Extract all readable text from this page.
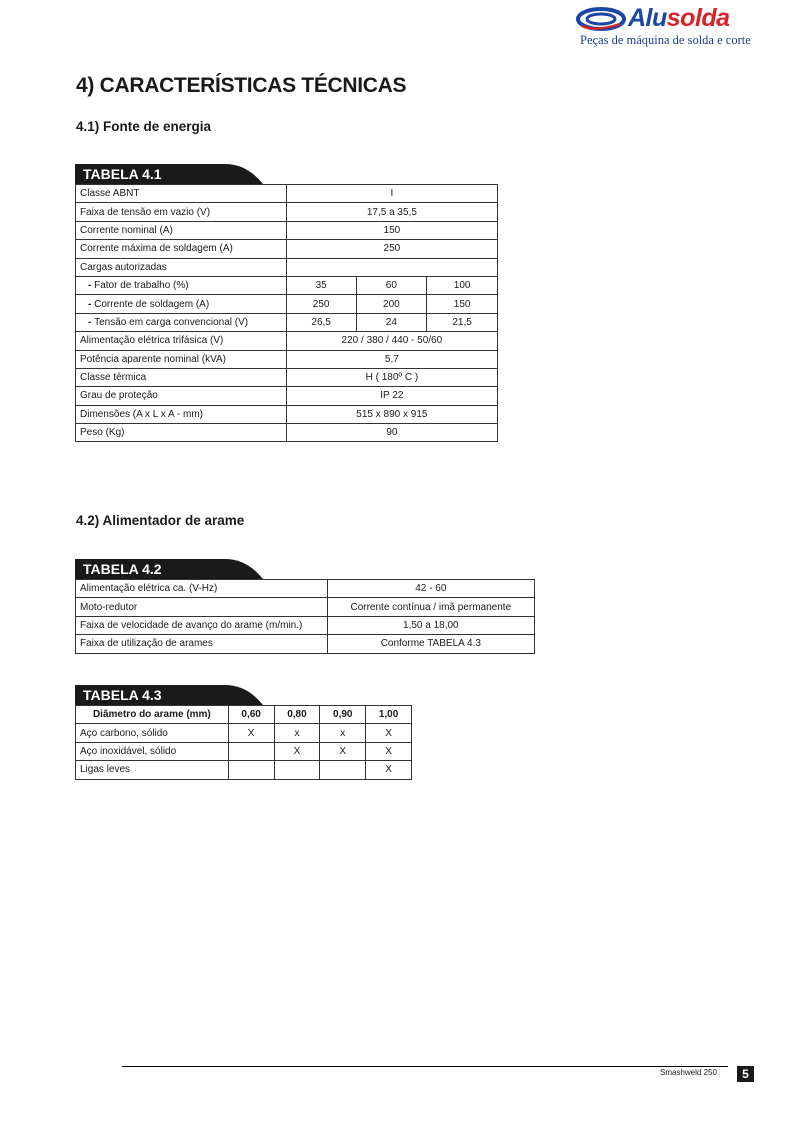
Alusolda
Peças de máquina de solda e corte
4) CARACTERÍSTICAS TÉCNICAS
4.1) Fonte de energia
TABELA 4.1
Classe ABNT	I		
Faixa de tensão em vazio (V)	17,5 a 35,5		
Corrente nominal (A)	150		
Corrente máxima de soldagem (A)	250		
Cargas autorizadas			
- Fator de trabalho (%)	35	60	100
- Corrente de soldagem (A)	250	200	150
- Tensão em carga convencional (V)	26,5	24	21,5
Alimentação elétrica trifásica (V)	220 / 380 / 440 - 50/60		
Potência aparente nominal (kVA)	5,7		
Classe térmica	H ( 180º C )		
Grau de proteção	IP 22		
Dimensões (A x L x A - mm)	515 x 890 x 915		
Peso (Kg)	90		
4.2) Alimentador de arame
TABELA 4.2
Alimentação elétrica ca. (V-Hz)	42 - 60
Moto-redutor	Corrente contínua / imã permanente
Faixa de velocidade de avanço do arame (m/min.)	1,50 a 18,00
Faixa de utilização de arames	Conforme TABELA 4.3
TABELA 4.3
Diâmetro do arame (mm)	0,60	0,80	0,90	1,00
Aço carbono, sólido	X	x	x	X
Aço inoxidável, sólido		X	X	X
Ligas leves				X
Smashweld 250	5
